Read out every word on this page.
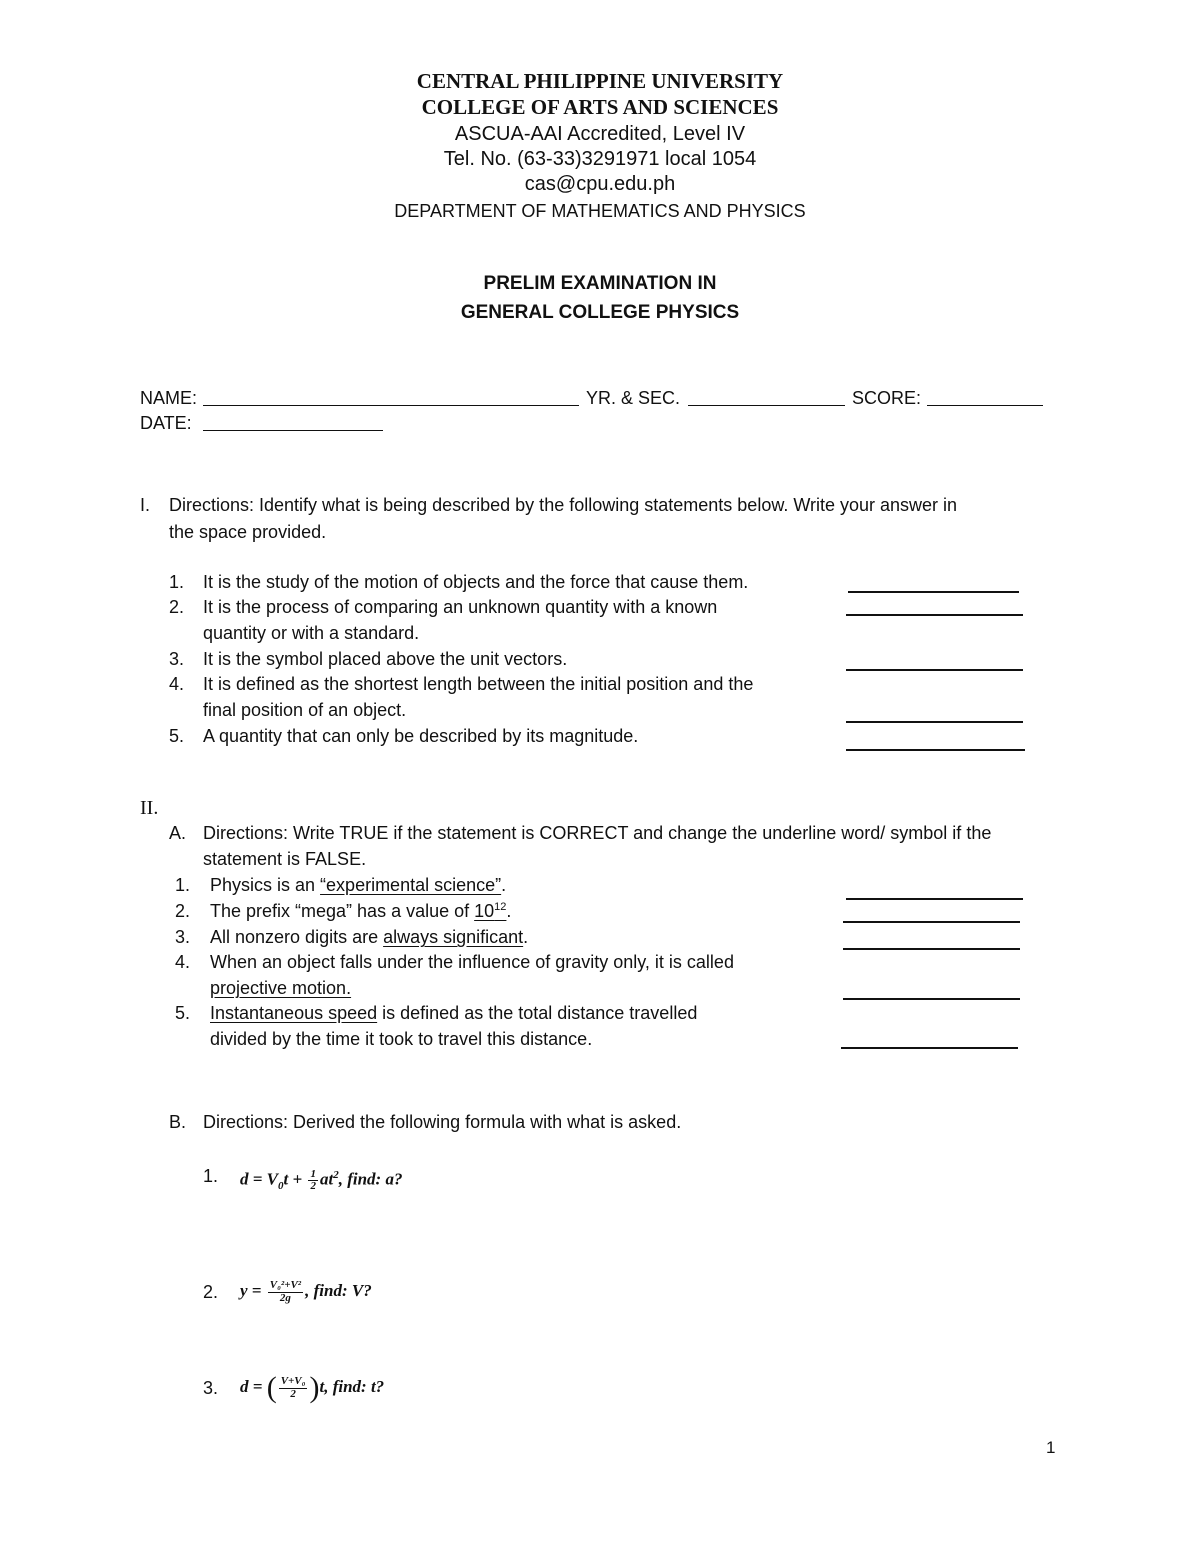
CENTRAL PHILIPPINE UNIVERSITY
COLLEGE OF ARTS AND SCIENCES
ASCUA-AAI Accredited, Level IV
Tel. No. (63-33)3291971 local 1054
cas@cpu.edu.ph
DEPARTMENT OF MATHEMATICS AND PHYSICS
PRELIM EXAMINATION IN
GENERAL COLLEGE PHYSICS
NAME:	YR. & SEC.	SCORE:
DATE:
I. Directions: Identify what is being described by the following statements below. Write your answer in
the space provided.
1. It is the study of the motion of objects and the force that cause them.
2. It is the process of comparing an unknown quantity with a known
quantity or with a standard.
3. It is the symbol placed above the unit vectors.
4. It is defined as the shortest length between the initial position and the
final position of an object.
5. A quantity that can only be described by its magnitude.
II.
A. Directions: Write TRUE if the statement is CORRECT and change the underline word/ symbol if the
statement is FALSE.
1. Physics is an “experimental science”.
2. The prefix “mega” has a value of $10^{12}$.
3. All nonzero digits are always significant.
4. When an object falls under the influence of gravity only, it is called
projective motion.
5. Instantaneous speed is defined as the total distance travelled
divided by the time it took to travel this distance.
B. Directions: Derived the following formula with what is asked.
1. $d = V_0t + \frac{1}{2} at^2$, find: a?
2. $y = \frac{\text{V₀²+V²}}{2g}$ , find: V?
3. d = ( $\frac{\text{V+V₀}}{2} )t$, find: t?
1
